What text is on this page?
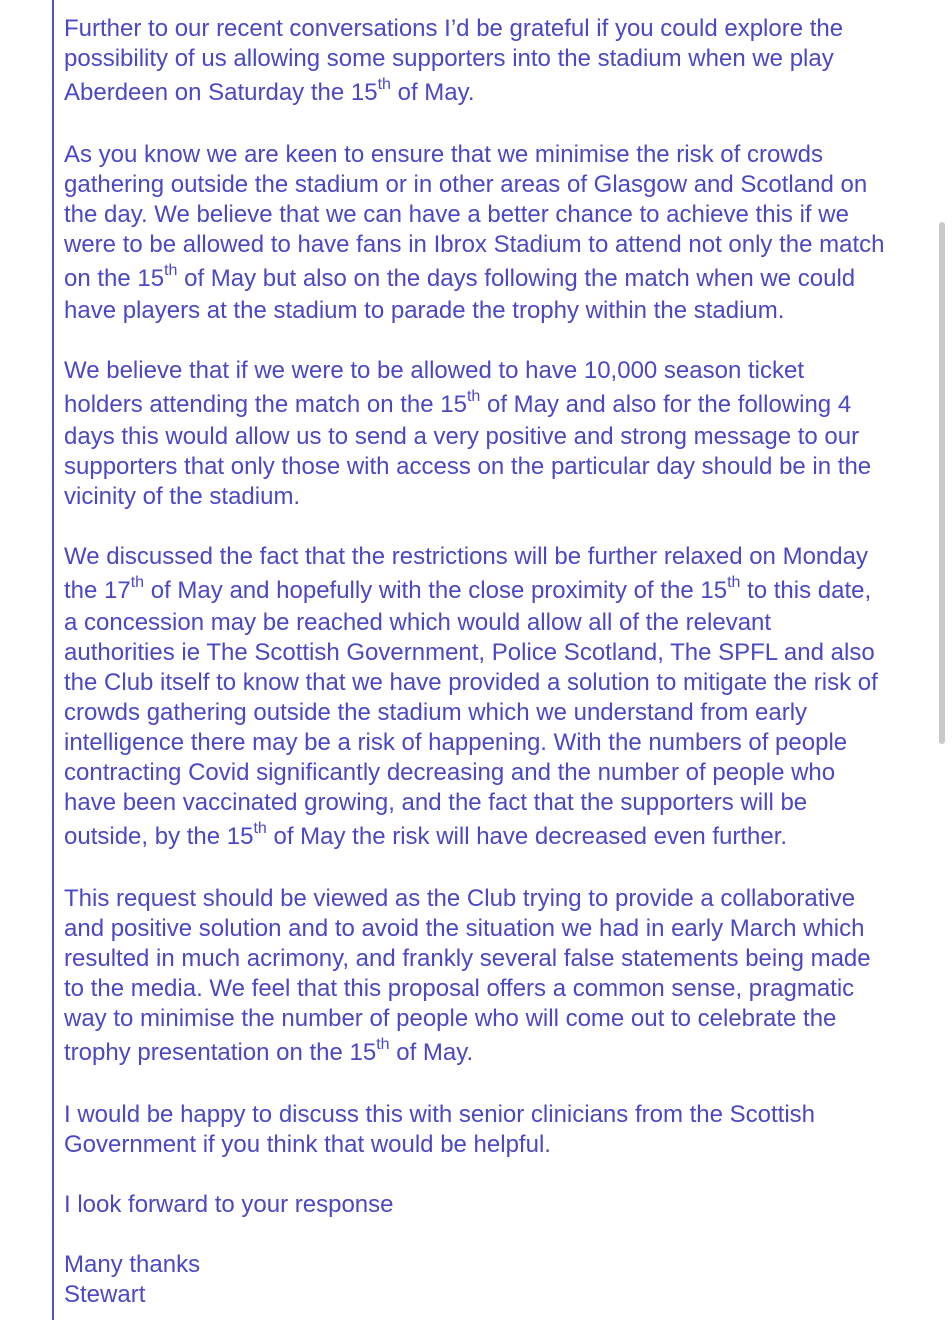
Further to our recent conversations I’d be grateful if you could explore the
possibility of us allowing some supporters into the stadium when we play
Aberdeen on Saturday the 15th of May.
As you know we are keen to ensure that we minimise the risk of crowds
gathering outside the stadium or in other areas of Glasgow and Scotland on
the day. We believe that we can have a better chance to achieve this if we
were to be allowed to have fans in Ibrox Stadium to attend not only the match
on the 15th of May but also on the days following the match when we could
have players at the stadium to parade the trophy within the stadium.
We believe that if we were to be allowed to have 10,000 season ticket
holders attending the match on the 15th of May and also for the following 4
days this would allow us to send a very positive and strong message to our
supporters that only those with access on the particular day should be in the
vicinity of the stadium.
We discussed the fact that the restrictions will be further relaxed on Monday
the 17th of May and hopefully with the close proximity of the 15th to this date,
a concession may be reached which would allow all of the relevant
authorities ie The Scottish Government, Police Scotland, The SPFL and also
the Club itself to know that we have provided a solution to mitigate the risk of
crowds gathering outside the stadium which we understand from early
intelligence there may be a risk of happening. With the numbers of people
contracting Covid significantly decreasing and the number of people who
have been vaccinated growing, and the fact that the supporters will be
outside, by the 15th of May the risk will have decreased even further.
This request should be viewed as the Club trying to provide a collaborative
and positive solution and to avoid the situation we had in early March which
resulted in much acrimony, and frankly several false statements being made
to the media. We feel that this proposal offers a common sense, pragmatic
way to minimise the number of people who will come out to celebrate the
trophy presentation on the 15th of May.
I would be happy to discuss this with senior clinicians from the Scottish
Government if you think that would be helpful.
I look forward to your response
Many thanks
Stewart
